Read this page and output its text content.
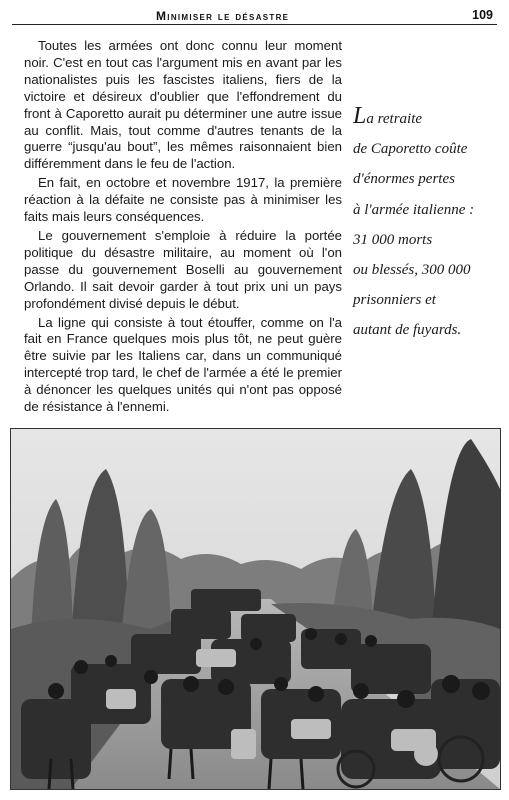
Minimiser le désastre	109

Toutes les armées ont donc connu leur moment noir. C'est en tout cas l'argument mis en avant par les nationalistes puis les fascistes italiens, fiers de la victoire et désireux d'oublier que l'effondrement du front à Caporetto aurait pu déterminer une autre issue au conflit. Mais, tout comme d'autres tenants de la guerre “jusqu'au bout”, les mêmes raisonnaient bien différemment dans le feu de l'action.

En fait, en octobre et novembre 1917, la première réaction à la défaite ne consiste pas à minimiser les faits mais leurs conséquences.

Le gouvernement s'emploie à réduire la portée politique du désastre militaire, au moment où l'on passe du gouvernement Boselli au gouvernement Orlando. Il sait devoir garder à tout prix uni un pays profondément divisé depuis le début.

La ligne qui consiste à tout étouffer, comme on l'a fait en France quelques mois plus tôt, ne peut guère être suivie par les Italiens car, dans un communiqué intercepté trop tard, le chef de l'armée a été le premier à dénoncer les quelques unités qui n'ont pas opposé de résistance à l'ennemi.

La retraite
de Caporetto coûte
d'énormes pertes
à l'armée italienne :
31 000 morts
ou blessés, 300 000
prisonniers et
autant de fuyards.
